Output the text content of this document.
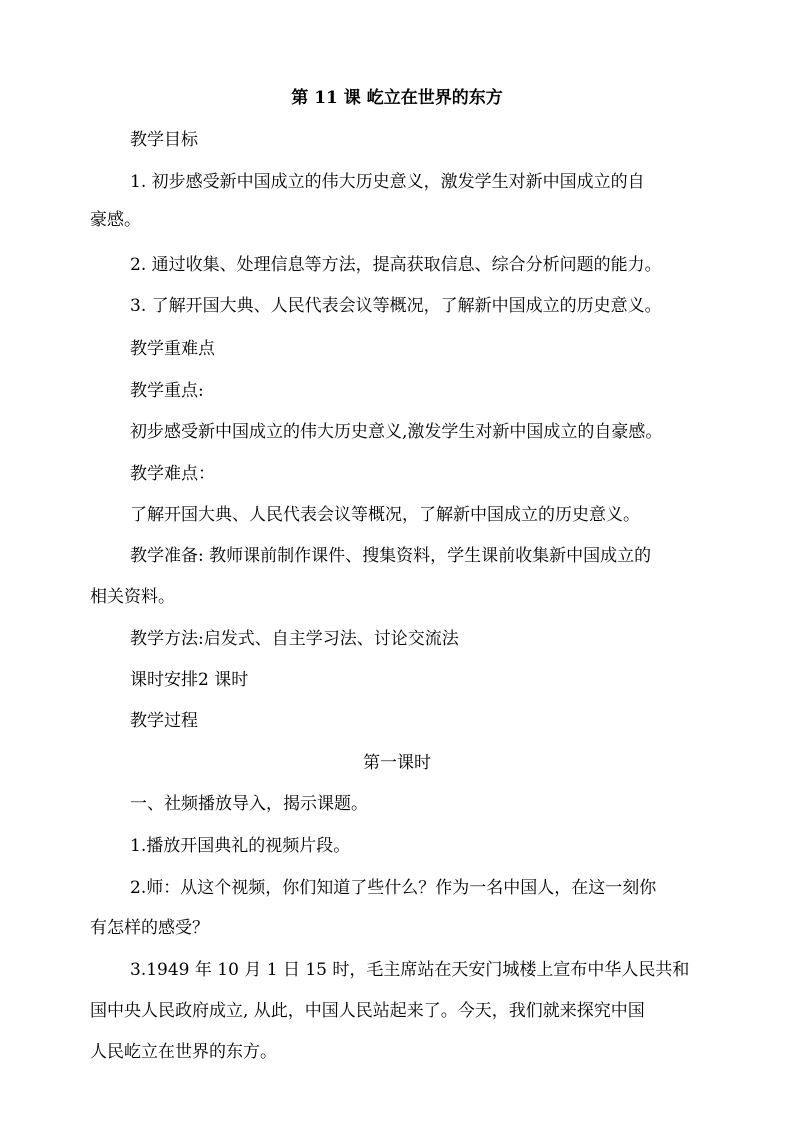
第 11 课 屹立在世界的东方
教学目标
1. 初步感受新中国成立的伟大历史意义，激发学生对新中国成立的自
豪感。
2. 通过收集、处理信息等方法，提高获取信息、综合分析问题的能力。
3. 了解开国大典、人民代表会议等概况，了解新中国成立的历史意义。
教学重难点
教学重点:
初步感受新中国成立的伟大历史意义,激发学生对新中国成立的自豪感。
教学难点：
了解开国大典、人民代表会议等概况，了解新中国成立的历史意义。
教学准备: 教师课前制作课件、搜集资料，学生课前收集新中国成立的
相关资料。
教学方法:启发式、自主学习法、讨论交流法
课时安排2 课时
教学过程
第一课时
一、社频播放导入，揭示课题。
1.播放开国典礼的视频片段。
2.师：从这个视频，你们知道了些什么？作为一名中国人，在这一刻你
有怎样的感受？
3.1949 年 10 月 1 日 15 时，毛主席站在天安门城楼上宣布中华人民共和
国中央人民政府成立, 从此，中国人民站起来了。今天，我们就来探究中国
人民屹立在世界的东方。
